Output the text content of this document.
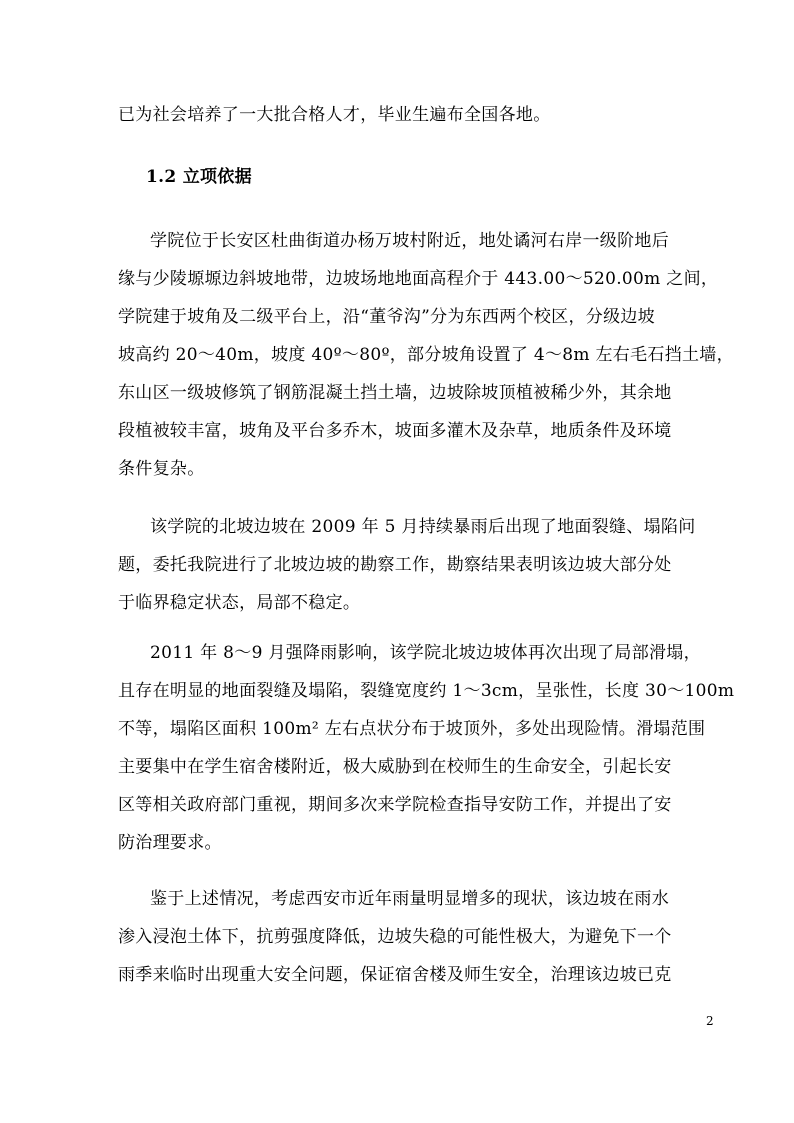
已为社会培养了一大批合格人才，毕业生遍布全国各地。
1.2 立项依据
学院位于长安区杜曲街道办杨万坡村附近，地处谲河右岸一级阶地后
缘与少陵塬塬边斜坡地带，边坡场地地面高程介于 443.00～520.00m 之间，
学院建于坡角及二级平台上，沿“董爷沟”分为东西两个校区，分级边坡
坡高约 20～40m，坡度 40º～80º，部分坡角设置了 4～8m 左右毛石挡土墙，
东山区一级坡修筑了钢筋混凝土挡土墙，边坡除坡顶植被稀少外，其余地
段植被较丰富，坡角及平台多乔木，坡面多灌木及杂草，地质条件及环境
条件复杂。
该学院的北坡边坡在 2009 年 5 月持续暴雨后出现了地面裂缝、塌陷问
题，委托我院进行了北坡边坡的勘察工作，勘察结果表明该边坡大部分处
于临界稳定状态，局部不稳定。
2011 年 8～9 月强降雨影响，该学院北坡边坡体再次出现了局部滑塌，
且存在明显的地面裂缝及塌陷，裂缝宽度约 1～3cm，呈张性，长度 30～100m
不等，塌陷区面积 100m² 左右点状分布于坡顶外，多处出现险情。滑塌范围
主要集中在学生宿舍楼附近，极大威胁到在校师生的生命安全，引起长安
区等相关政府部门重视，期间多次来学院检查指导安防工作，并提出了安
防治理要求。
鉴于上述情况，考虑西安市近年雨量明显增多的现状，该边坡在雨水
渗入浸泡土体下，抗剪强度降低，边坡失稳的可能性极大，为避免下一个
雨季来临时出现重大安全问题，保证宿舍楼及师生安全，治理该边坡已克
2
